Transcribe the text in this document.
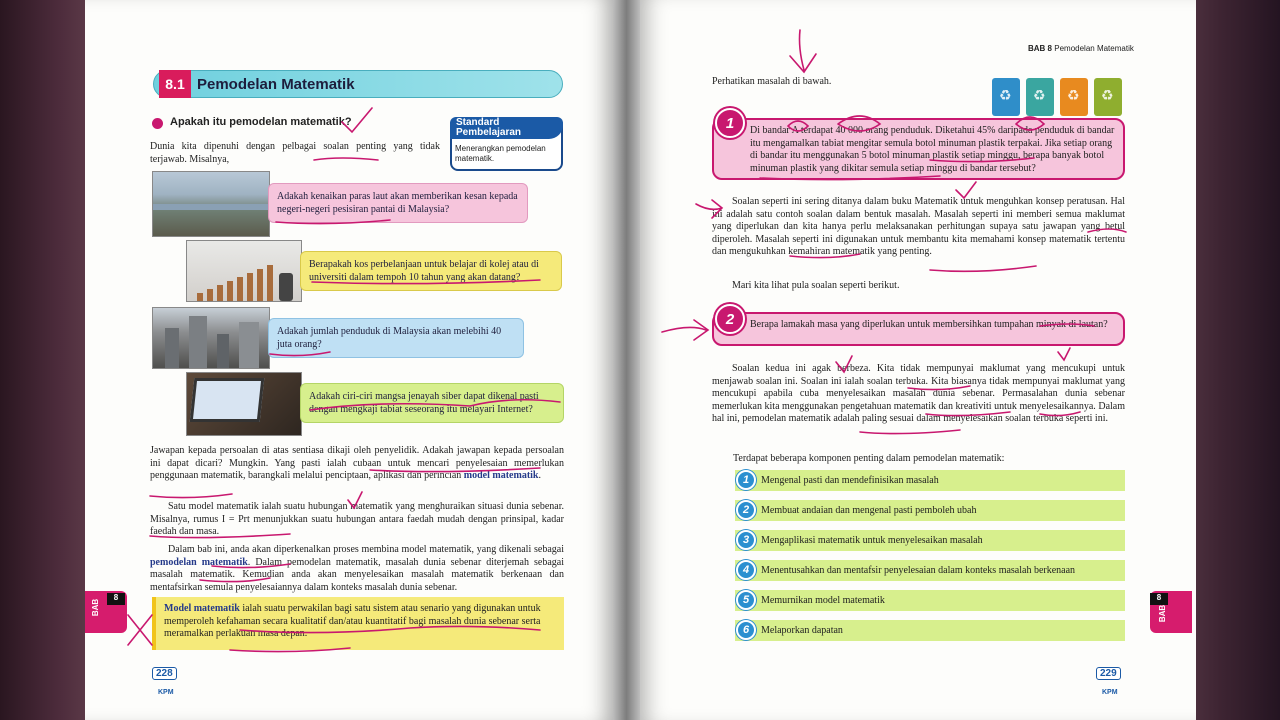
8.1 Pemodelan Matematik
Apakah itu pemodelan matematik?	Standard Pembelajaran
Menerangkan pemodelan matematik.
Dunia kita dipenuhi dengan pelbagai soalan penting yang tidak terjawab. Misalnya,
Adakah kenaikan paras laut akan memberikan kesan kepada negeri-negeri pesisiran pantai di Malaysia?
Berapakah kos perbelanjaan untuk belajar di kolej atau di universiti dalam tempoh 10 tahun yang akan datang?
Adakah jumlah penduduk di Malaysia akan melebihi 40 juta orang?
Adakah ciri-ciri mangsa jenayah siber dapat dikenal pasti dengan mengkaji tabiat seseorang itu melayari Internet?
Jawapan kepada persoalan di atas sentiasa dikaji oleh penyelidik. Adakah jawapan kepada persoalan ini dapat dicari? Mungkin. Yang pasti ialah cubaan untuk mencari penyelesaian memerlukan penggunaan matematik, barangkali melalui penciptaan, aplikasi dan perincian model matematik.
Satu model matematik ialah suatu hubungan matematik yang menghuraikan situasi dunia sebenar. Misalnya, rumus I = Prt menunjukkan suatu hubungan antara faedah mudah dengan prinsipal, kadar faedah dan masa.
Dalam bab ini, anda akan diperkenalkan proses membina model matematik, yang dikenali sebagai pemodelan matematik. Dalam pemodelan matematik, masalah dunia sebenar diterjemah sebagai masalah matematik. Kemudian anda akan menyelesaikan masalah matematik berkenaan dan mentafsirkan semula penyelesaiannya dalam konteks masalah dunia sebenar.
Model matematik ialah suatu perwakilan bagi satu sistem atau senario yang digunakan untuk memperoleh kefahaman secara kualitatif dan/atau kuantitatif bagi masalah dunia sebenar serta meramalkan perlakuan masa depan.
BAB
8
228
KPM
BAB 8 Pemodelan Matematik
♻
♻
♻
♻
Perhatikan masalah di bawah.
Di bandar A terdapat 40 000 orang penduduk. Diketahui 45% daripada penduduk di bandar itu mengamalkan tabiat mengitar semula botol minuman plastik terpakai. Jika setiap orang di bandar itu menggunakan 5 botol minuman plastik setiap minggu, berapa banyak botol minuman plastik yang dikitar semula setiap minggu di bandar tersebut?
1
Soalan seperti ini sering ditanya dalam buku Matematik untuk menguhkan konsep peratusan. Hal ini adalah satu contoh soalan dalam bentuk masalah. Masalah seperti ini memberi semua maklumat yang diperlukan dan kita hanya perlu melaksanakan perhitungan supaya satu jawapan yang betul diperoleh. Masalah seperti ini digunakan untuk membantu kita memahami konsep matematik tertentu dan mengukuhkan kemahiran matematik yang penting.
Mari kita lihat pula soalan seperti berikut.
Berapa lamakah masa yang diperlukan untuk membersihkan tumpahan minyak di lautan?
2
Soalan kedua ini agak berbeza. Kita tidak mempunyai maklumat yang mencukupi untuk menjawab soalan ini. Soalan ini ialah soalan terbuka. Kita biasanya tidak mempunyai maklumat yang mencukupi apabila cuba menyelesaikan masalah dunia sebenar. Permasalahan dunia sebenar memerlukan kita menggunakan pengetahuan matematik dan kreativiti untuk menyelesaikannya. Dalam hal ini, pemodelan matematik adalah paling sesuai dalam menyelesaikan soalan terbuka seperti ini.
Terdapat beberapa komponen penting dalam pemodelan matematik:
Mengenal pasti dan mendefinisikan masalah
1
Membuat andaian dan mengenal pasti pemboleh ubah
2
Mengaplikasi matematik untuk menyelesaikan masalah
3
Menentusahkan dan mentafsir penyelesaian dalam konteks masalah berkenaan
4
Memurnikan model matematik
5
Melaporkan dapatan
6
BAB
8
229
KPM
